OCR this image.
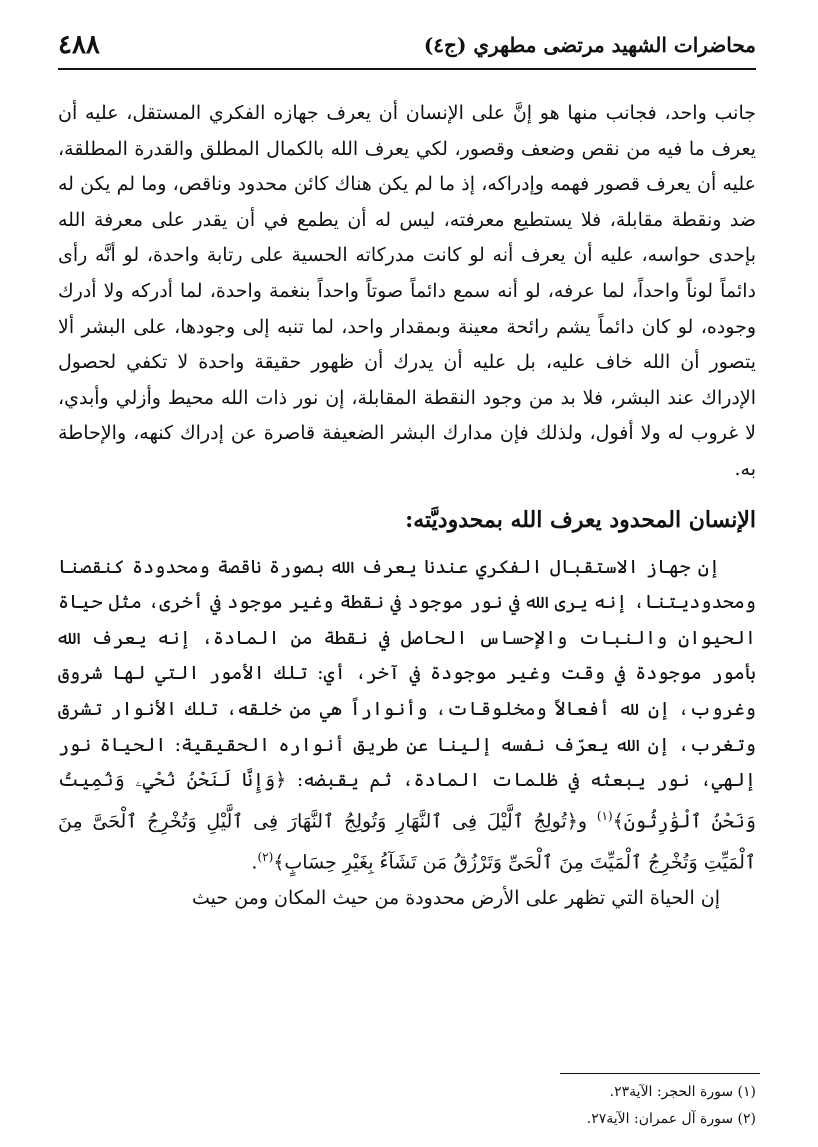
محاضرات الشهيد مرتضى مطهري (ج٤)
٤٨٨

جانب واحد، فجانب منها هو إنَّ على الإنسان أن يعرف جهازه الفكري المستقل، عليه أن يعرف ما فيه من نقص وضعف وقصور، لكي يعرف الله بالكمال المطلق والقدرة المطلقة، عليه أن يعرف قصور فهمه وإدراكه، إذ ما لم يكن هناك كائن محدود وناقص، وما لم يكن له ضد ونقطة مقابلة، فلا يستطيع معرفته، ليس له أن يطمع في أن يقدر على معرفة الله بإحدى حواسه، عليه أن يعرف أنه لو كانت مدركاته الحسية على رتابة واحدة، لو أنَّه رأى دائماً لوناً واحداً، لما عرفه، لو أنه سمع دائماً صوتاً واحداً بنغمة واحدة، لما أدركه ولا أدرك وجوده، لو كان دائماً يشم رائحة معينة وبمقدار واحد، لما تنبه إلى وجودها، على البشر ألا يتصور أن الله خاف عليه، بل عليه أن يدرك أن ظهور حقيقة واحدة لا تكفي لحصول الإدراك عند البشر، فلا بد من وجود النقطة المقابلة، إن نور ذات الله محيط وأزلي وأبدي، لا غروب له ولا أفول، ولذلك فإن مدارك البشر الضعيفة قاصرة عن إدراك كنهه، والإحاطة به.

الإنسان المحدود يعرف الله بمحدوديَّته:

إن جهاز الاستقبال الفكري عندنا يعرف الله بصورة ناقصة ومحدودة كنقصنا ومحدوديتنا، إنه يرى الله في نور موجود في نقطة وغير موجود في أخرى، مثل حياة الحيوان والنبات والإحساس الحاصل في نقطة من المادة، إنه يعرف الله بأمور موجودة في وقت وغير موجودة في آخر، أي: تلك الأمور التي لها شروق وغروب، إن لله أفعالاً ومخلوقات، وأنواراً هي من خلقه، تلك الأنوار تشرق وتغرب، إن الله يعرّف نفسه إلينا عن طريق أنواره الحقيقية: الحياة نور إلهي، نور يبعثه في ظلمات المادة، ثم يقبضه: ﴿وَإِنَّا لَنَحْنُ نُحْيِۦ وَنُمِيتُ وَنَحْنُ ٱلْوَٰرِثُونَ﴾$^{(١)}$ و﴿تُولِجُ ٱلَّيْلَ فِى ٱلنَّهَارِ وَتُولِجُ ٱلنَّهَارَ فِى ٱلَّيْلِ وَتُخْرِجُ ٱلْحَىَّ مِنَ ٱلْمَيِّتِ وَتُخْرِجُ ٱلْمَيِّتَ مِنَ ٱلْحَىِّ وَتَرْزُقُ مَن تَشَآءُ بِغَيْرِ حِسَابٍ﴾$^{(٢)}$.

إن الحياة التي تظهر على الأرض محدودة من حيث المكان ومن حيث

(١) سورة الحجر: الآية٢٣.
(٢) سورة آل عمران: الآية٢٧.
